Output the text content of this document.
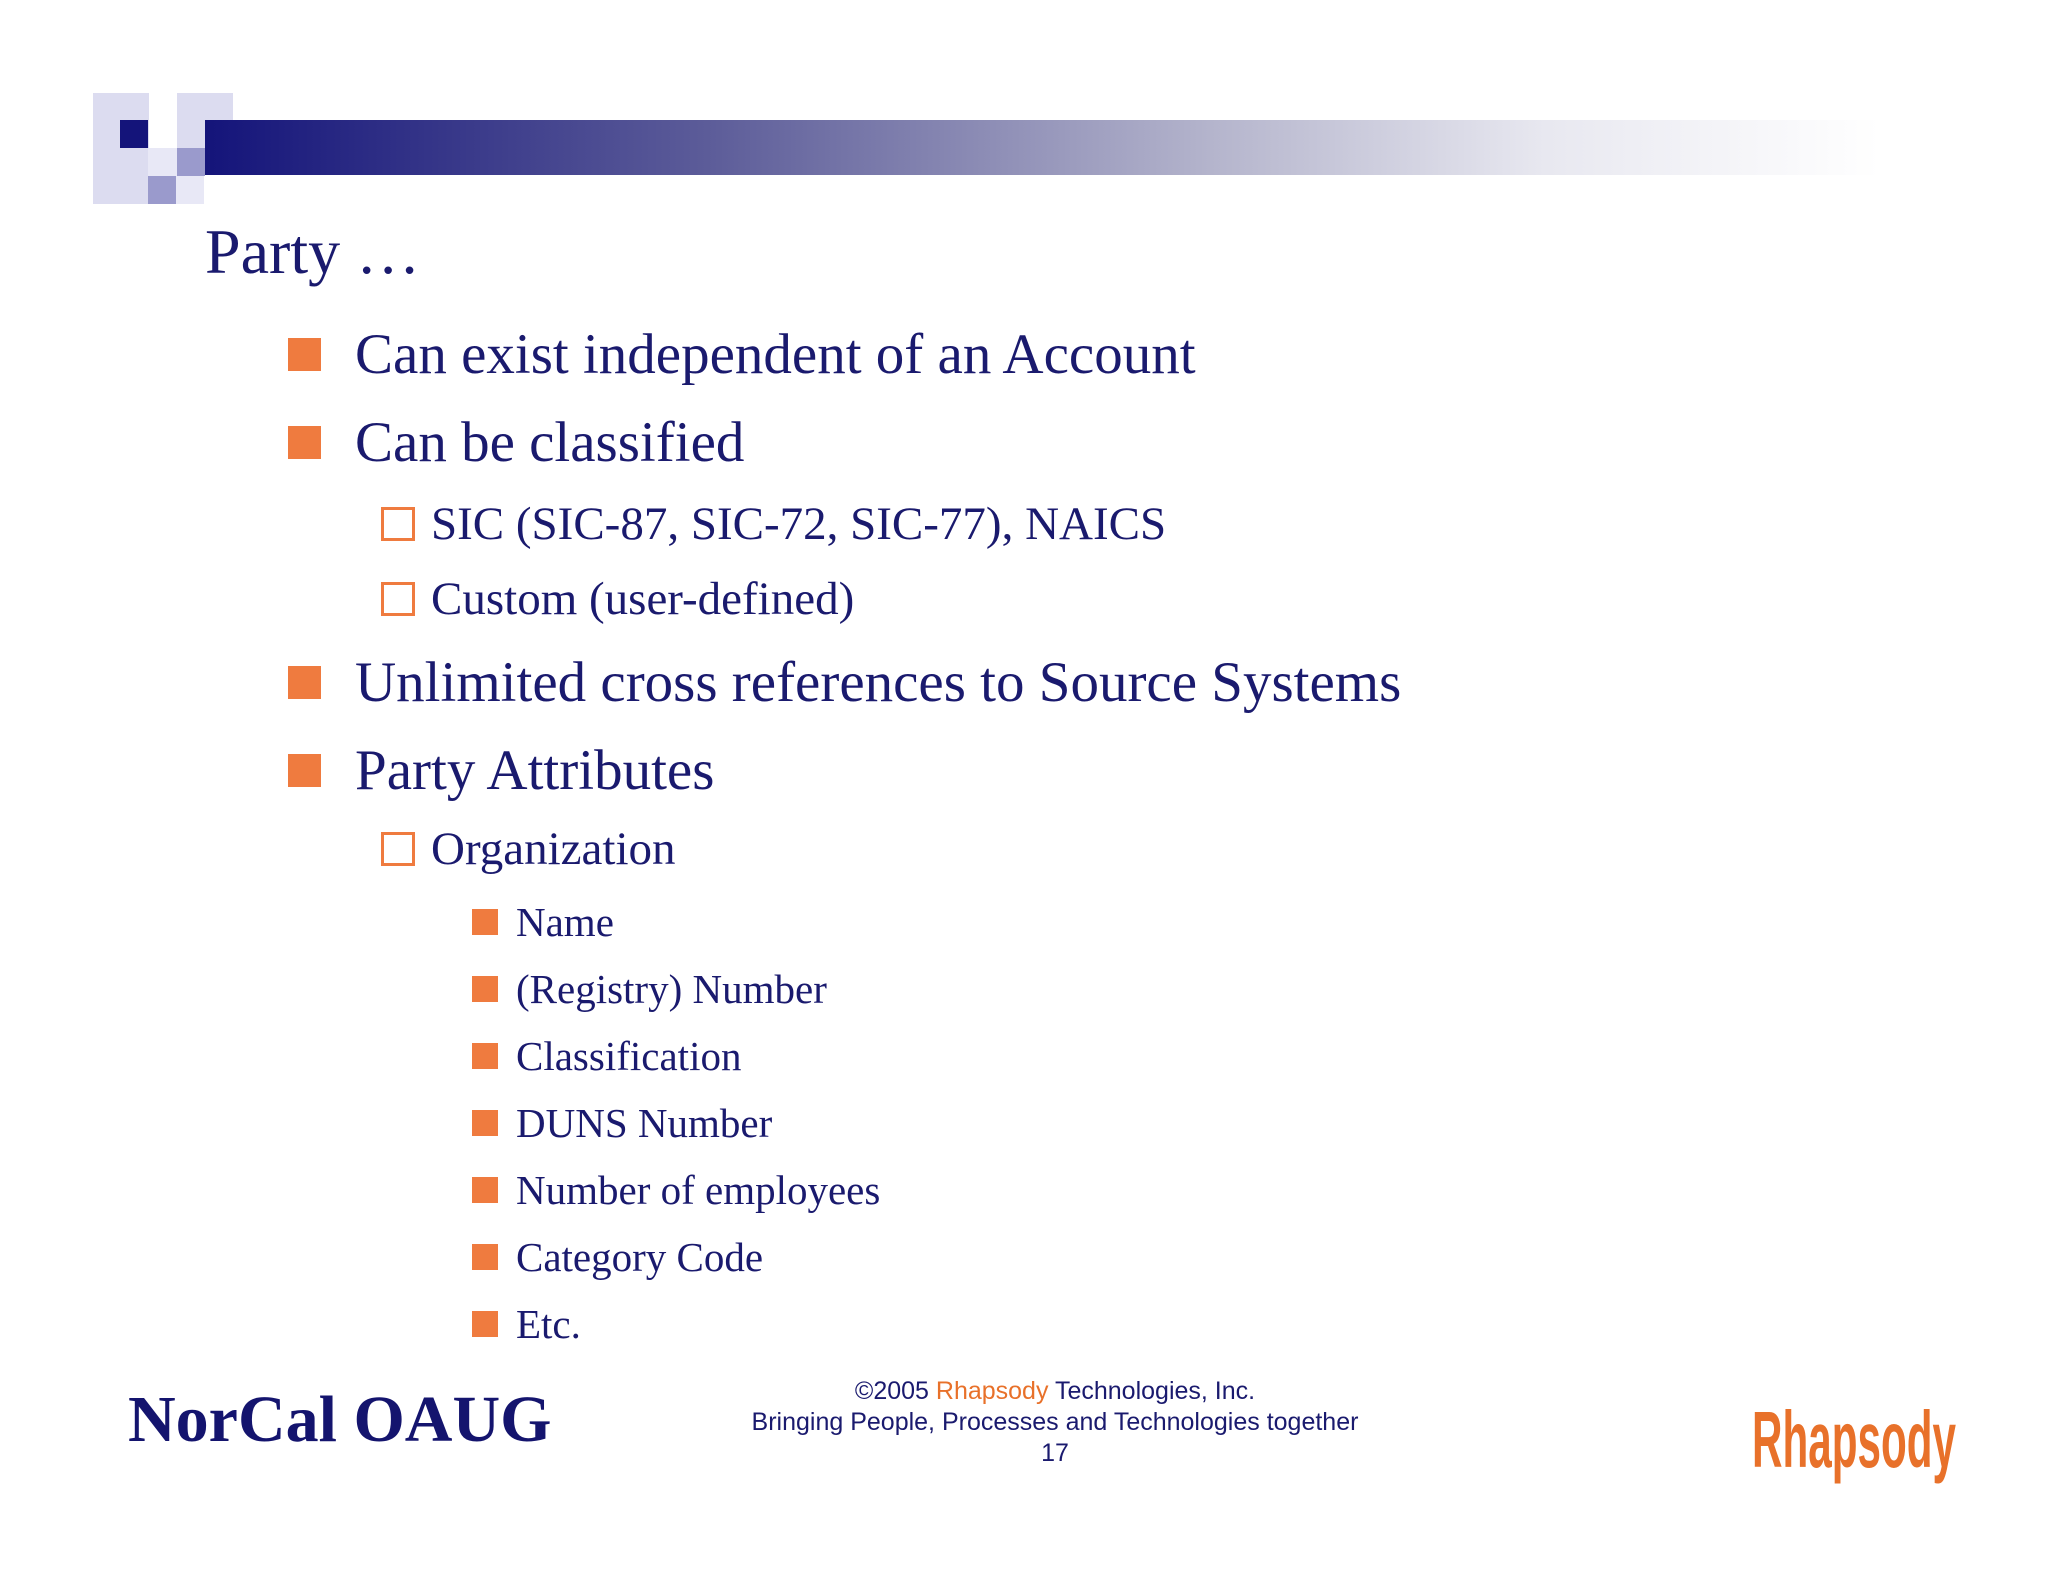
Party …
Can exist independent of an Account
Can be classified
SIC (SIC-87, SIC-72, SIC-77), NAICS
Custom (user-defined)
Unlimited cross references to Source Systems
Party Attributes
Organization
Name
(Registry) Number
Classification
DUNS Number
Number of employees
Category Code
Etc.
NorCal OAUG	©2005 Rhapsody Technologies, Inc.
Bringing People, Processes and Technologies together
17	Rhapsody
